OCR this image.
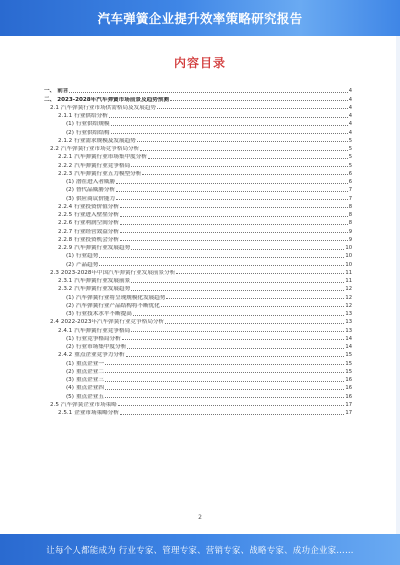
汽车弹簧企业提升效率策略研究报告
内容目录
一、 前言	4
二、 2023-2028年汽车弹簧市场前景及趋势预测	4
2.1 汽车弹簧行业市场供需格局及发展趋势	4
2.1.1 行业供给分析	4
(1) 行业供给规模	4
(2) 行业供给结构	4
2.1.2 行业需求规模及发展趋势	5
2.2 汽车弹簧行业市场竞争格局分析	5
2.2.1 汽车弹簧行业市场集中度分析	5
2.2.2 汽车弹簧行业竞争格局	5
2.2.3 汽车弹簧行业五力模型分析	6
(1) 潜在进入者威胁	6
(2) 替代品威胁分析	7
(3) 供应商议价能力	7
2.2.4 行业投资价值分析	8
2.2.5 行业进入壁垒分析	8
2.2.6 行业利润空间分析	8
2.2.7 行业经营效益分析	9
2.2.8 行业投资机会分析	9
2.2.9 汽车弹簧行业发展趋势	10
(1) 行业趋势	10
(2) 产品趋势	10
2.3 2023-2028年中国汽车弹簧行业发展前景分析	11
2.3.1 汽车弹簧行业发展前景	11
2.3.2 汽车弹簧行业发展趋势	12
(1) 汽车弹簧行业将呈现规模化发展趋势	12
(2) 汽车弹簧行业产品结构将不断优化	12
(3) 行业技术水平不断提高	13
2.4 2022-2023年汽车弹簧行业竞争格局分析	13
2.4.1 汽车弹簧行业竞争格局	13
(1) 行业竞争格局分析	14
(2) 行业市场集中度分析	14
2.4.2 重点企业竞争力分析	15
(1) 重点企业一	15
(2) 重点企业二	15
(3) 重点企业三	16
(4) 重点企业四	16
(5) 重点企业五	16
2.5 汽车弹簧企业市场策略	17
2.5.1 企业市场策略分析	17
2
让每个人都能成为 行业专家、管理专家、营销专家、战略专家、成功企业家……
